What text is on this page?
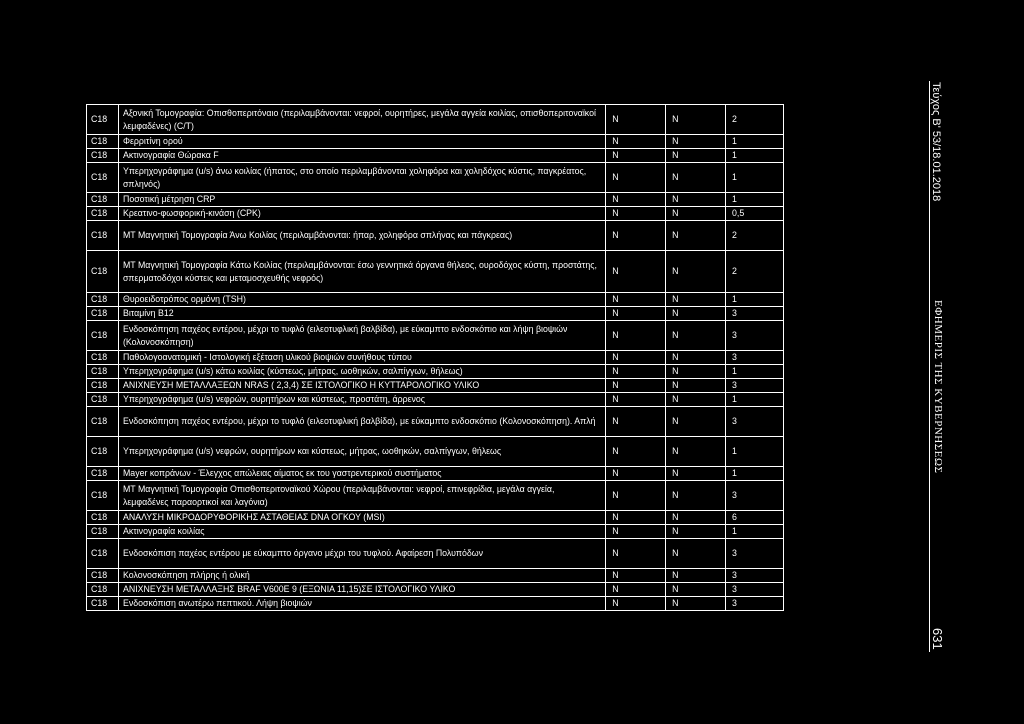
C18	Αξονική Τομογραφία: Οπισθοπεριτόναιο (περιλαμβάνονται: νεφροί, ουρητήρες, μεγάλα αγγεία κοιλίας, οπισθοπεριτοναϊκοί λεμφαδένες) (C/T)	N	N	2
C18	Φερριτίνη ορού	N	N	1
C18	Ακτινογραφία Θώρακα F	N	N	1
C18	Υπερηχογράφημα (u/s) άνω κοιλίας (ήπατος, στο οποίο περιλαμβάνονται χοληφόρα και χοληδόχος κύστις, παγκρέατος, σπληνός)	N	N	1
C18	Ποσοτική μέτρηση CRP	N	N	1
C18	Κρεατινο-φωσφορική-κινάση (CPK)	N	N	0,5
C18	MT Μαγνητική Τομογραφία Άνω Κοιλίας (περιλαμβάνονται: ήπαρ, χοληφόρα σπλήνας και πάγκρεας)	N	N	2
C18	MT Μαγνητική Τομογραφία Κάτω Κοιλίας (περιλαμβάνονται: έσω γεννητικά όργανα θήλεος, ουροδόχος κύστη, προστάτης, σπερματοδόχοι κύστεις και μεταμοσχευθής νεφρός)	N	N	2
C18	Θυροειδοτρόπος ορμόνη (TSH)	N	N	1
C18	Βιταμίνη B12	N	N	3
C18	Ενδοσκόπηση παχέος εντέρου, μέχρι το τυφλό (ειλεοτυφλική βαλβίδα), με εύκαμπτο ενδοσκόπιο και λήψη βιοψιών (Κολονοσκόπηση)	N	N	3
C18	Παθολογοανατομική - Ιστολογική εξέταση υλικού βιοψιών συνήθους τύπου	N	N	3
C18	Υπερηχογράφημα (u/s) κάτω κοιλίας (κύστεως, μήτρας, ωοθηκών, σαλπίγγων, θήλεως)	N	N	1
C18	ΑΝΙΧΝΕΥΣΗ ΜΕΤΑΛΛΑΞΕΩΝ NRAS ( 2,3,4) ΣΕ ΙΣΤΟΛΟΓΙΚΟ Η ΚΥΤΤΑΡΟΛΟΓΙΚΟ ΥΛΙΚΟ	N	N	3
C18	Υπερηχογράφημα (u/s) νεφρών, ουρητήρων και κύστεως, προστάτη, άρρενος	N	N	1
C18	Ενδοσκόπηση παχέος εντέρου, μέχρι το τυφλό (ειλεοτυφλική βαλβίδα), με εύκαμπτο ενδοσκόπιο (Κολονοσκόπηση). Απλή	N	N	3
C18	Υπερηχογράφημα (u/s) νεφρών, ουρητήρων και κύστεως, μήτρας, ωοθηκών, σαλπίγγων, θήλεως	N	N	1
C18	Mayer κοπράνων - Έλεγχος απώλειας αίματος εκ του γαστρεντερικού συστήματος	N	N	1
C18	MT Μαγνητική Τομογραφία Οπισθοπεριτοναϊκού Χώρου (περιλαμβάνονται: νεφροί, επινεφρίδια, μεγάλα αγγεία, λεμφαδένες παραορτικοί και λαγόνια)	N	N	3
C18	ΑΝΑΛΥΣΗ ΜΙΚΡΟΔΟΡΥΦΟΡΙΚΗΣ ΑΣΤΑΘΕΙΑΣ DNA ΟΓΚΟΥ (MSI)	N	N	6
C18	Ακτινογραφία κοιλίας	N	N	1
C18	Ενδοσκόπιση παχέος εντέρου με εύκαμπτο όργανο μέχρι του τυφλού. Αφαίρεση Πολυπόδων	N	N	3
C18	Κολονοσκόπηση πλήρης ή ολική	N	N	3
C18	ΑΝΙΧΝΕΥΣΗ ΜΕΤΑΛΛΑΞΗΣ BRAF V600E 9 (ΕΞΩΝΙΑ 11,15)ΣΕ ΙΣΤΟΛΟΓΙΚΟ ΥΛΙΚΟ	N	N	3
C18	Ενδοσκόπιση ανωτέρω πεπτικού. Λήψη βιοψιών	N	N	3
Τεύχος Β' 53/18.01.2018
ΕΦΗΜΕΡΙΣ ΤΗΣ ΚΥΒΕΡΝΗΣΕΩΣ
631
